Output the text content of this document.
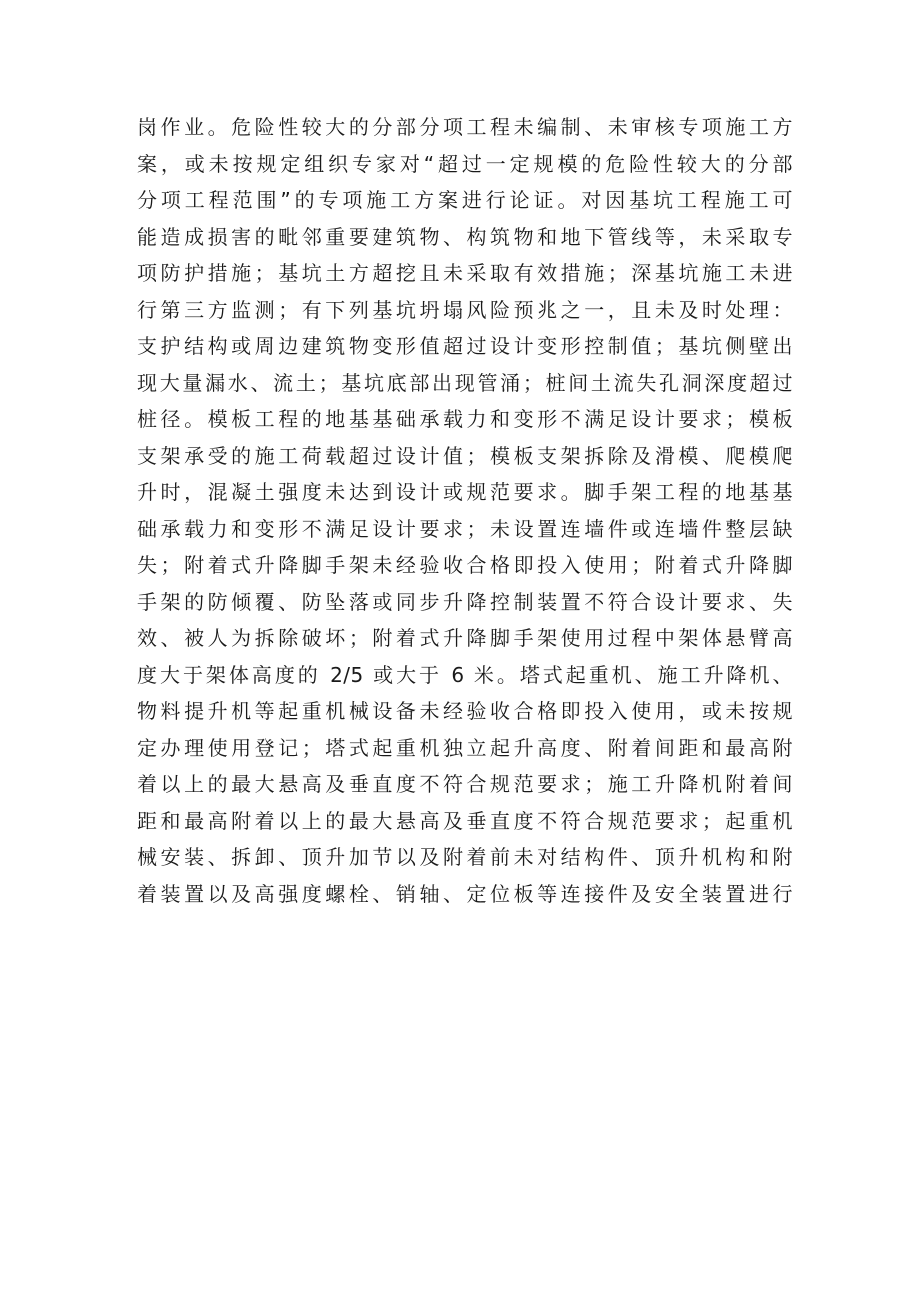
岗作业。危险性较大的分部分项工程未编制、未审核专项施工方
案，或未按规定组织专家对“超过一定规模的危险性较大的分部
分项工程范围”的专项施工方案进行论证。对因基坑工程施工可
能造成损害的毗邻重要建筑物、构筑物和地下管线等，未采取专
项防护措施；基坑土方超挖且未采取有效措施；深基坑施工未进
行第三方监测；有下列基坑坍塌风险预兆之一，且未及时处理：
支护结构或周边建筑物变形值超过设计变形控制值；基坑侧壁出
现大量漏水、流土；基坑底部出现管涌；桩间土流失孔洞深度超过
桩径。模板工程的地基基础承载力和变形不满足设计要求；模板
支架承受的施工荷载超过设计值；模板支架拆除及滑模、爬模爬
升时，混凝土强度未达到设计或规范要求。脚手架工程的地基基
础承载力和变形不满足设计要求；未设置连墙件或连墙件整层缺
失；附着式升降脚手架未经验收合格即投入使用；附着式升降脚
手架的防倾覆、防坠落或同步升降控制装置不符合设计要求、失
效、被人为拆除破坏；附着式升降脚手架使用过程中架体悬臂高
度大于架体高度的 2/5 或大于 6 米。塔式起重机、施工升降机、
物料提升机等起重机械设备未经验收合格即投入使用，或未按规
定办理使用登记；塔式起重机独立起升高度、附着间距和最高附
着以上的最大悬高及垂直度不符合规范要求；施工升降机附着间
距和最高附着以上的最大悬高及垂直度不符合规范要求；起重机
械安装、拆卸、顶升加节以及附着前未对结构件、顶升机构和附
着装置以及高强度螺栓、销轴、定位板等连接件及安全装置进行
